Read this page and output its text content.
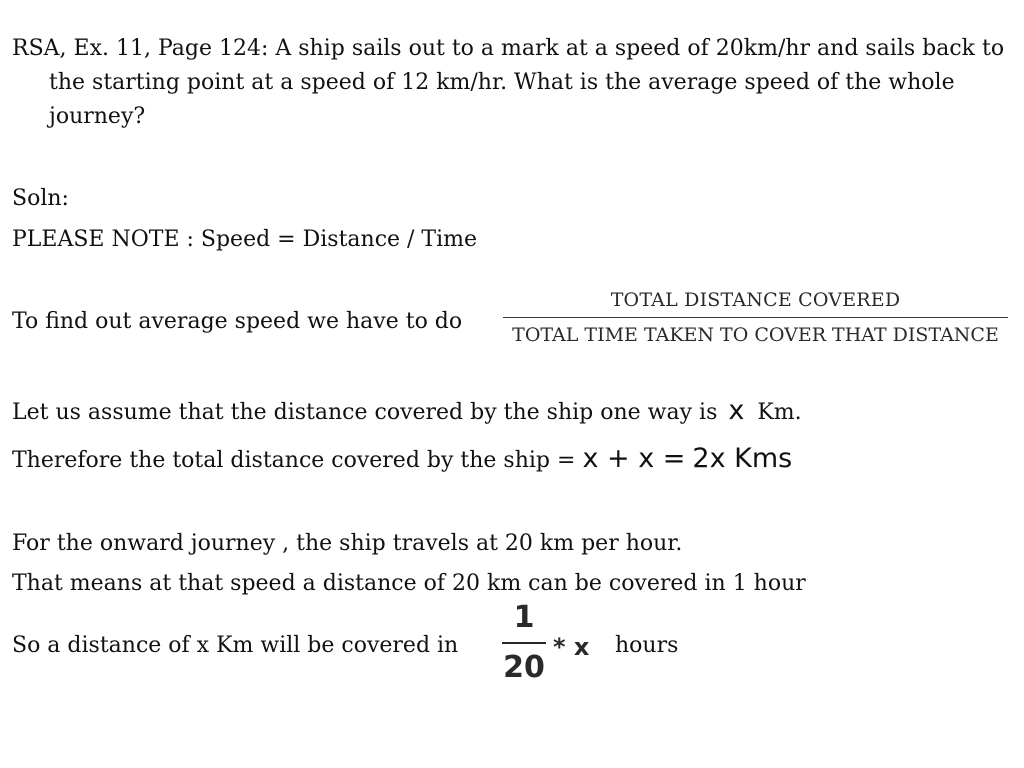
RSA, Ex. 11, Page 124: A ship sails out to a mark at a speed of 20km/hr and sails back to the starting point at a speed of 12 km/hr. What is the average speed of the whole journey?
Soln:
PLEASE NOTE : Speed = Distance / Time
To find out average speed we have to do
TOTAL DISTANCE COVERED
TOTAL TIME TAKEN TO COVER THAT DISTANCE
Let us assume that the distance covered by the ship one way is x Km.
Therefore the total distance covered by the ship = x + x = 2x Kms
For the onward journey , the ship travels at 20 km per hour.
That means at that speed a distance of 20 km can be covered in 1 hour
So a distance of x Km will be covered in
1
20
* x hours
